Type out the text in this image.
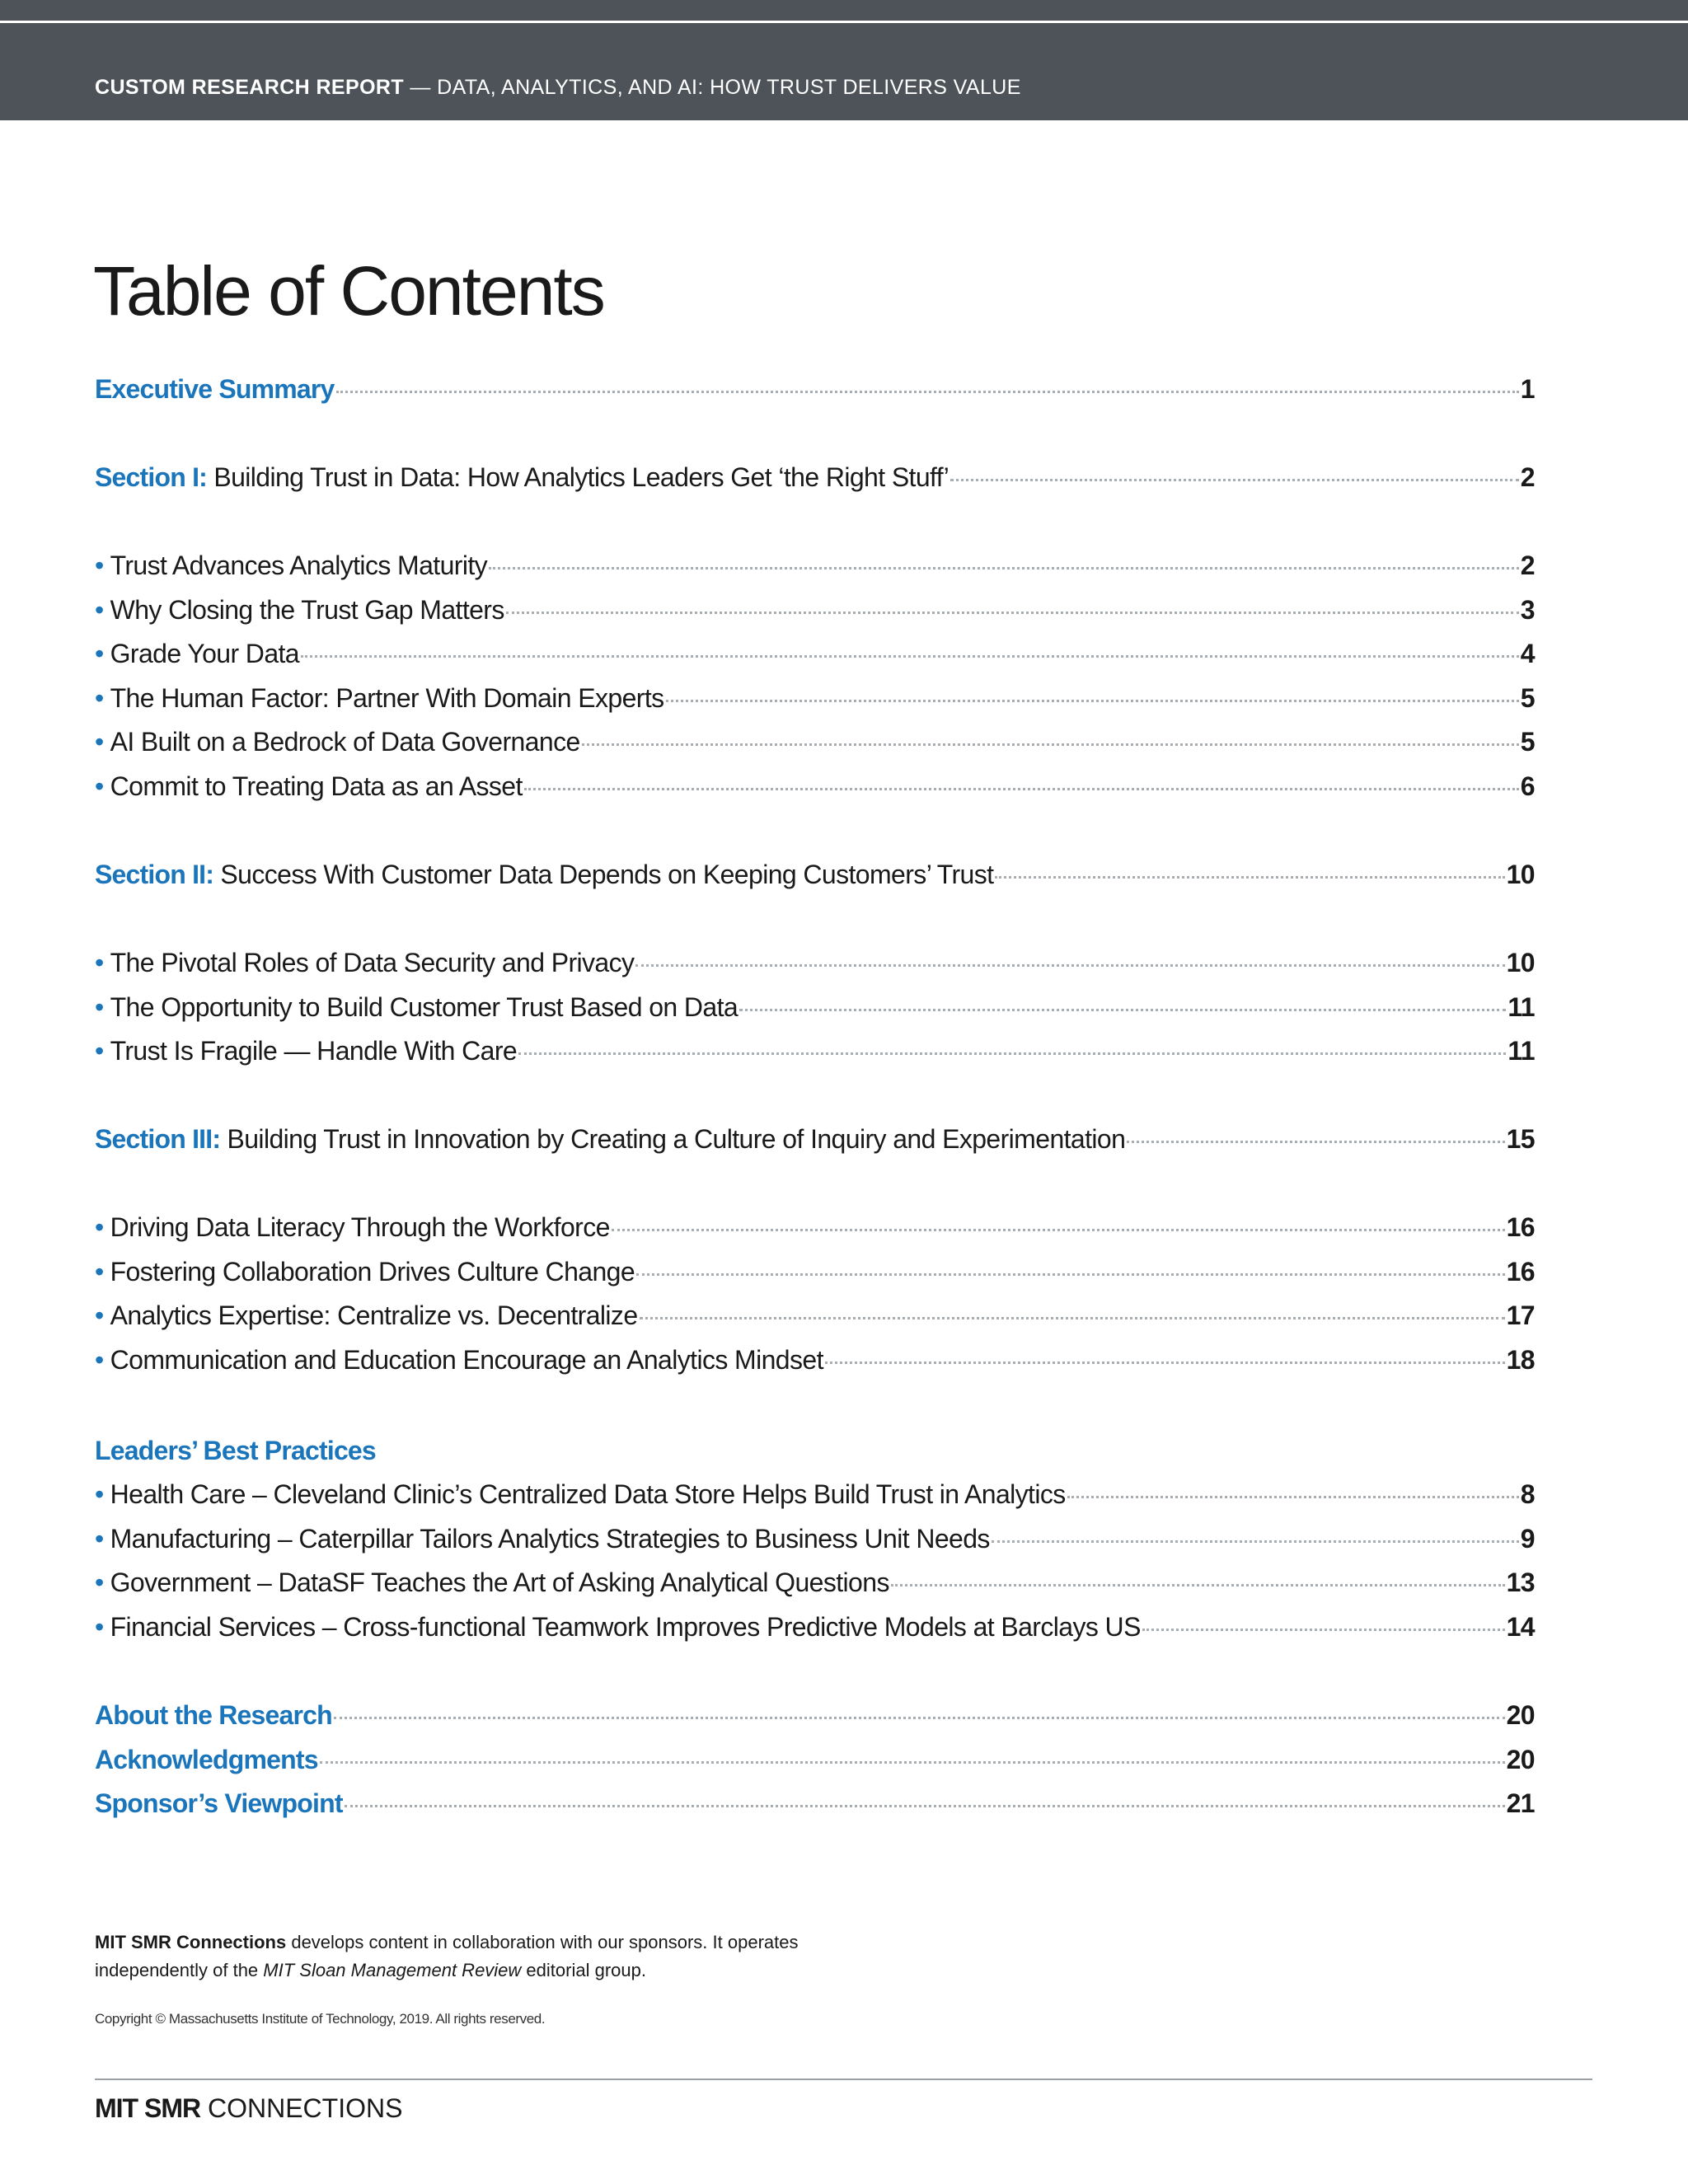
CUSTOM RESEARCH REPORT — DATA, ANALYTICS, AND AI: HOW TRUST DELIVERS VALUE
Table of Contents
Executive Summary	1
Section I: Building Trust in Data: How Analytics Leaders Get ‘the Right Stuff’	2
• Trust Advances Analytics Maturity	2
• Why Closing the Trust Gap Matters	3
• Grade Your Data	4
• The Human Factor: Partner With Domain Experts	5
• AI Built on a Bedrock of Data Governance	5
• Commit to Treating Data as an Asset	6
Section II: Success With Customer Data Depends on Keeping Customers’ Trust	10
• The Pivotal Roles of Data Security and Privacy	10
• The Opportunity to Build Customer Trust Based on Data	11
• Trust Is Fragile — Handle With Care	11
Section III: Building Trust in Innovation by Creating a Culture of Inquiry and Experimentation	15
• Driving Data Literacy Through the Workforce	16
• Fostering Collaboration Drives Culture Change	16
• Analytics Expertise: Centralize vs. Decentralize	17
• Communication and Education Encourage an Analytics Mindset	18
Leaders’ Best Practices
• Health Care – Cleveland Clinic’s Centralized Data Store Helps Build Trust in Analytics	8
• Manufacturing – Caterpillar Tailors Analytics Strategies to Business Unit Needs	9
• Government – DataSF Teaches the Art of Asking Analytical Questions	13
• Financial Services – Cross-functional Teamwork Improves Predictive Models at Barclays US	14
About the Research	20
Acknowledgments	20
Sponsor’s Viewpoint	21
MIT SMR Connections develops content in collaboration with our sponsors. It operates independently of the MIT Sloan Management Review editorial group.
Copyright © Massachusetts Institute of Technology, 2019. All rights reserved.
MIT SMR CONNECTIONS
